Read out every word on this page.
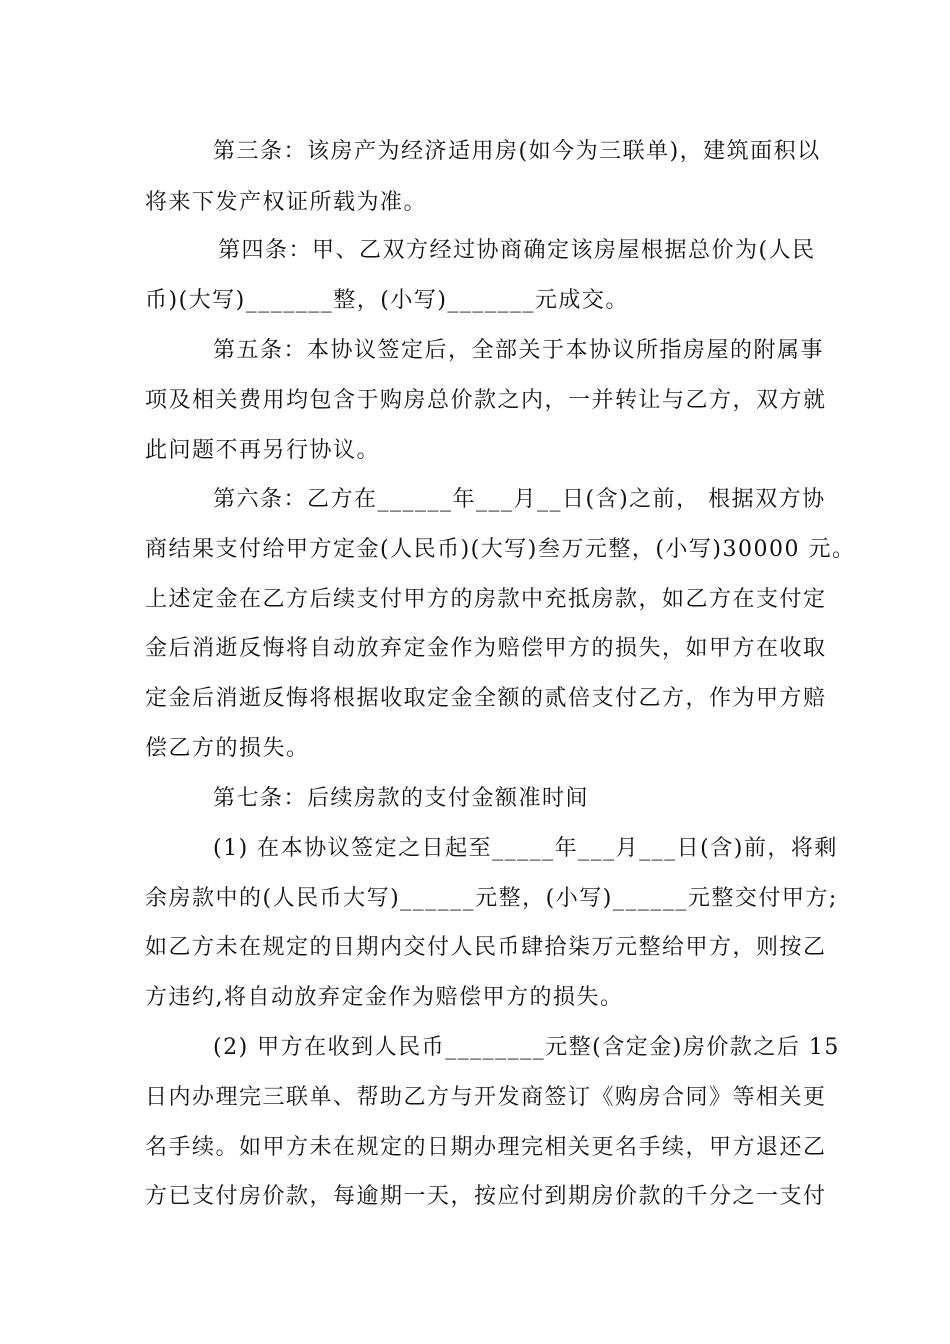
第三条：该房产为经济适用房(如今为三联单)，建筑面积以
将来下发产权证所载为准。
第四条：甲、乙双方经过协商确定该房屋根据总价为(人民
币)(大写)_______整，(小写)_______元成交。
第五条：本协议签定后，全部关于本协议所指房屋的附属事
项及相关费用均包含于购房总价款之内，一并转让与乙方，双方就
此问题不再另行协议。
第六条：乙方在______年___月__日(含)之前， 根据双方协
商结果支付给甲方定金(人民币)(大写)叁万元整，(小写)30000 元。
上述定金在乙方后续支付甲方的房款中充抵房款，如乙方在支付定
金后消逝反悔将自动放弃定金作为赔偿甲方的损失，如甲方在收取
定金后消逝反悔将根据收取定金全额的贰倍支付乙方，作为甲方赔
偿乙方的损失。
第七条：后续房款的支付金额准时间
(1) 在本协议签定之日起至_____年___月___日(含)前，将剩
余房款中的(人民币大写)______元整，(小写)______元整交付甲方;
如乙方未在规定的日期内交付人民币肆拾柒万元整给甲方，则按乙
方违约,将自动放弃定金作为赔偿甲方的损失。
(2) 甲方在收到人民币________元整(含定金)房价款之后 15
日内办理完三联单、帮助乙方与开发商签订《购房合同》等相关更
名手续。如甲方未在规定的日期办理完相关更名手续，甲方退还乙
方已支付房价款，每逾期一天，按应付到期房价款的千分之一支付
